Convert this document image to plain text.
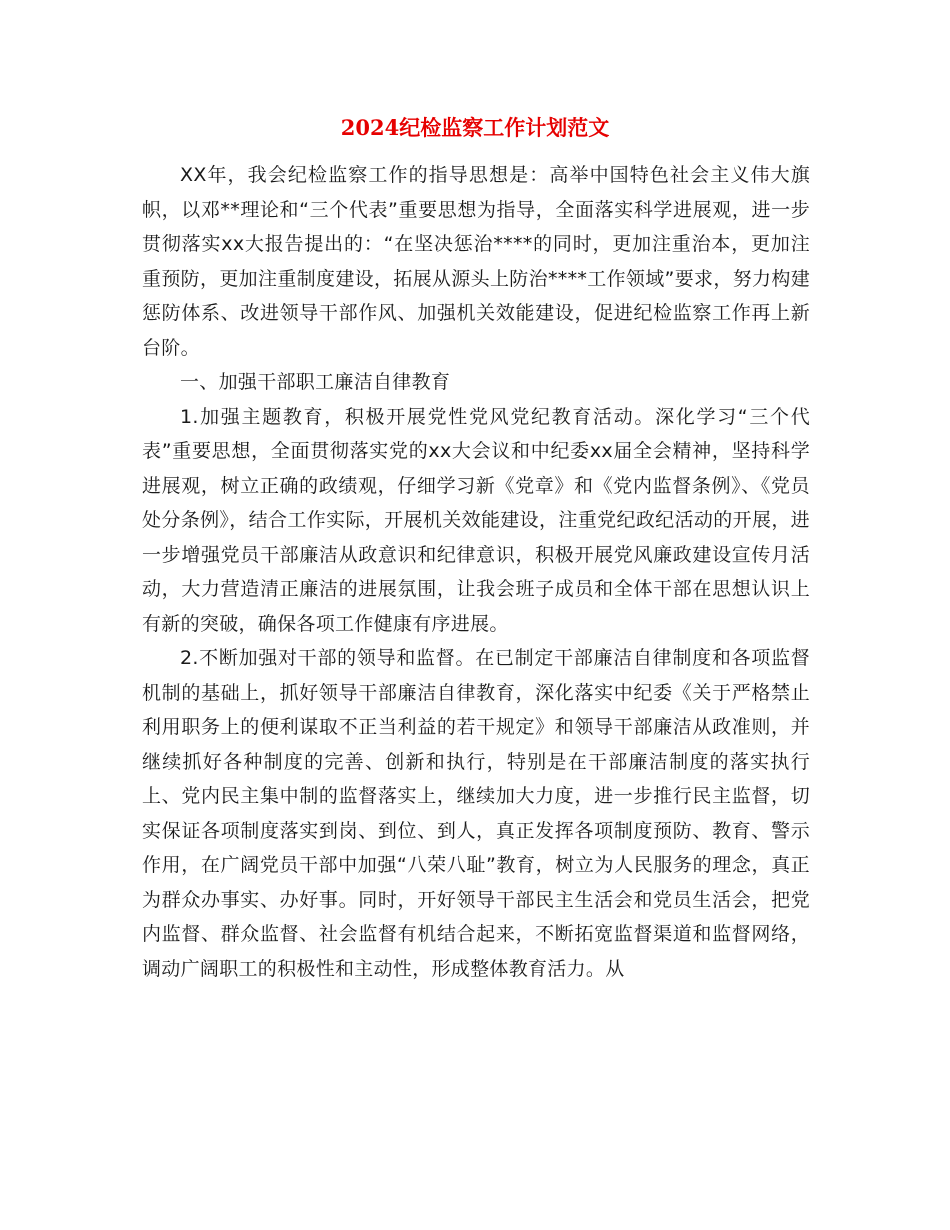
2024纪检监察工作计划范文

XX年，我会纪检监察工作的指导思想是：高举中国特色社会主义伟大旗帜，以邓**理论和“三个代表”重要思想为指导，全面落实科学进展观，进一步贯彻落实xx大报告提出的：“在坚决惩治****的同时，更加注重治本，更加注重预防，更加注重制度建设，拓展从源头上防治****工作领域”要求，努力构建惩防体系、改进领导干部作风、加强机关效能建设，促进纪检监察工作再上新台阶。

一、加强干部职工廉洁自律教育

1.加强主题教育，积极开展党性党风党纪教育活动。深化学习“三个代表”重要思想，全面贯彻落实党的xx大会议和中纪委xx届全会精神，坚持科学进展观，树立正确的政绩观，仔细学习新《党章》和《党内监督条例》、《党员处分条例》，结合工作实际，开展机关效能建设，注重党纪政纪活动的开展，进一步增强党员干部廉洁从政意识和纪律意识，积极开展党风廉政建设宣传月活动，大力营造清正廉洁的进展氛围，让我会班子成员和全体干部在思想认识上有新的突破，确保各项工作健康有序进展。

2.不断加强对干部的领导和监督。在已制定干部廉洁自律制度和各项监督机制的基础上，抓好领导干部廉洁自律教育，深化落实中纪委《关于严格禁止利用职务上的便利谋取不正当利益的若干规定》和领导干部廉洁从政准则，并继续抓好各种制度的完善、创新和执行，特别是在干部廉洁制度的落实执行上、党内民主集中制的监督落实上，继续加大力度，进一步推行民主监督，切实保证各项制度落实到岗、到位、到人，真正发挥各项制度预防、教育、警示作用，在广阔党员干部中加强“八荣八耻”教育，树立为人民服务的理念，真正为群众办事实、办好事。同时，开好领导干部民主生活会和党员生活会，把党内监督、群众监督、社会监督有机结合起来，不断拓宽监督渠道和监督网络，调动广阔职工的积极性和主动性，形成整体教育活力。从
